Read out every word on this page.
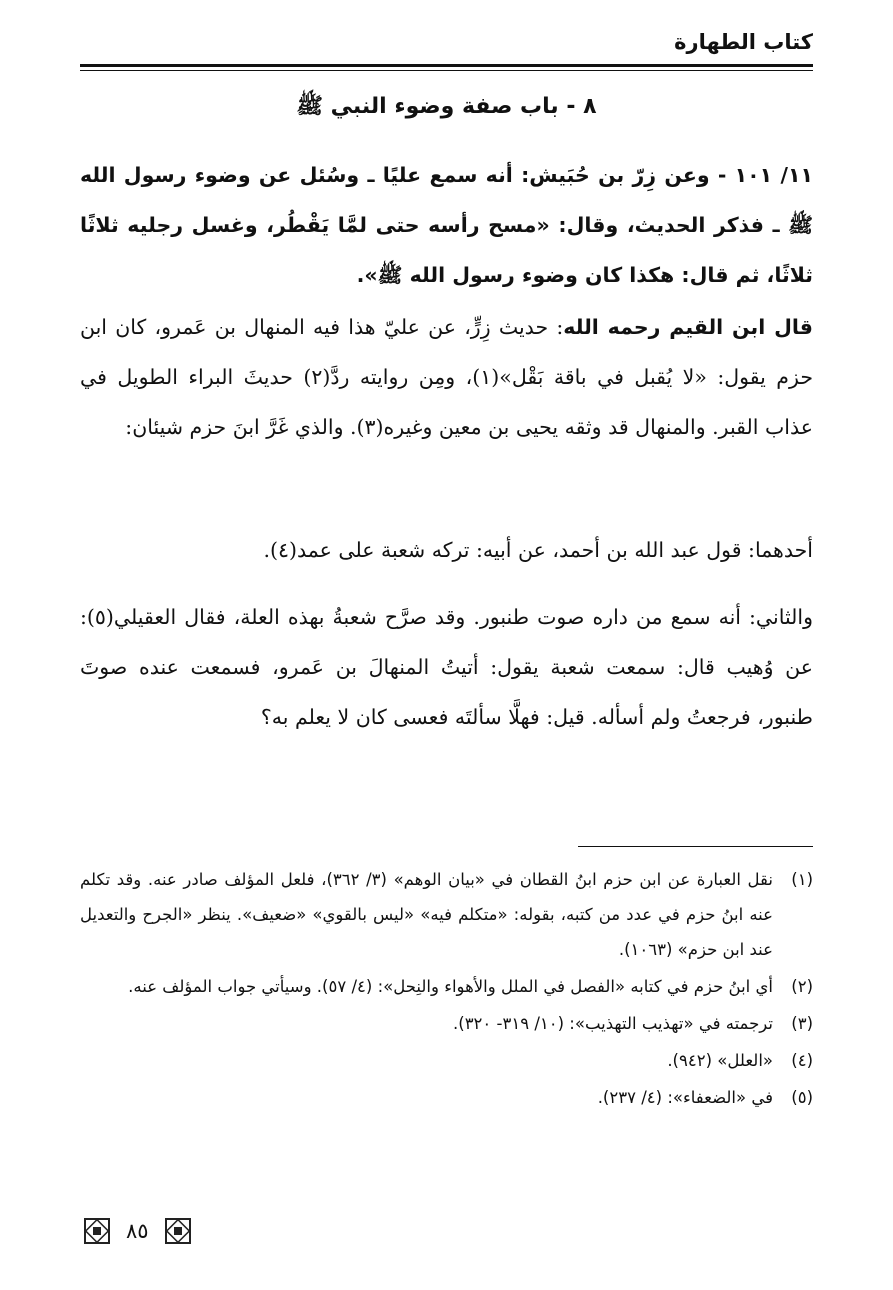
كتاب الطهارة
٨ - باب صفة وضوء النبي ﷺ

١١/ ١٠١ - وعن زِرّ بن حُبَيش: أنه سمع عليًا ـ وسُئل عن وضوء رسول الله ﷺ ـ فذكر الحديث، وقال: «مسح رأسه حتى لمَّا يَقْطُر، وغسل رجليه ثلاثًا ثلاثًا، ثم قال: هكذا كان وضوء رسول الله ﷺ».

قال ابن القيم رحمه الله: حديث زِرٍّ، عن عليّ هذا فيه المنهال بن عَمرو، كان ابن حزم يقول: «لا يُقبل في باقة بَقْل»(١)، ومِن روايته ردَّ(٢) حديثَ البراء الطويل في عذاب القبر. والمنهال قد وثقه يحيى بن معين وغيره(٣). والذي غَرَّ ابنَ حزم شيئان:

أحدهما: قول عبد الله بن أحمد، عن أبيه: تركه شعبة على عمد(٤).

والثاني: أنه سمع من داره صوت طنبور. وقد صرَّح شعبةُ بهذه العلة، فقال العقيلي(٥): عن وُهيب قال: سمعت شعبة يقول: أتيتُ المنهالَ بن عَمرو، فسمعت عنده صوتَ طنبور، فرجعتُ ولم أسأله. قيل: فهلَّا سألتَه فعسى كان لا يعلم به؟

(١)
نقل العبارة عن ابن حزم ابنُ القطان في «بيان الوهم» (٣/ ٣٦٢)، فلعل المؤلف صادر عنه. وقد تكلم عنه ابنُ حزم في عدد من كتبه، بقوله: «متكلم فيه» «ليس بالقوي» «ضعيف». ينظر «الجرح والتعديل عند ابن حزم» (١٠٦٣).
(٢)
أي ابنُ حزم في كتابه «الفصل في الملل والأهواء والنِحل»: (٤/ ٥٧). وسيأتي جواب المؤلف عنه.
(٣)
ترجمته في «تهذيب التهذيب»: (١٠/ ٣١٩- ٣٢٠).
(٤)
«العلل» (٩٤٢).
(٥)
في «الضعفاء»: (٤/ ٢٣٧).
٨٥
